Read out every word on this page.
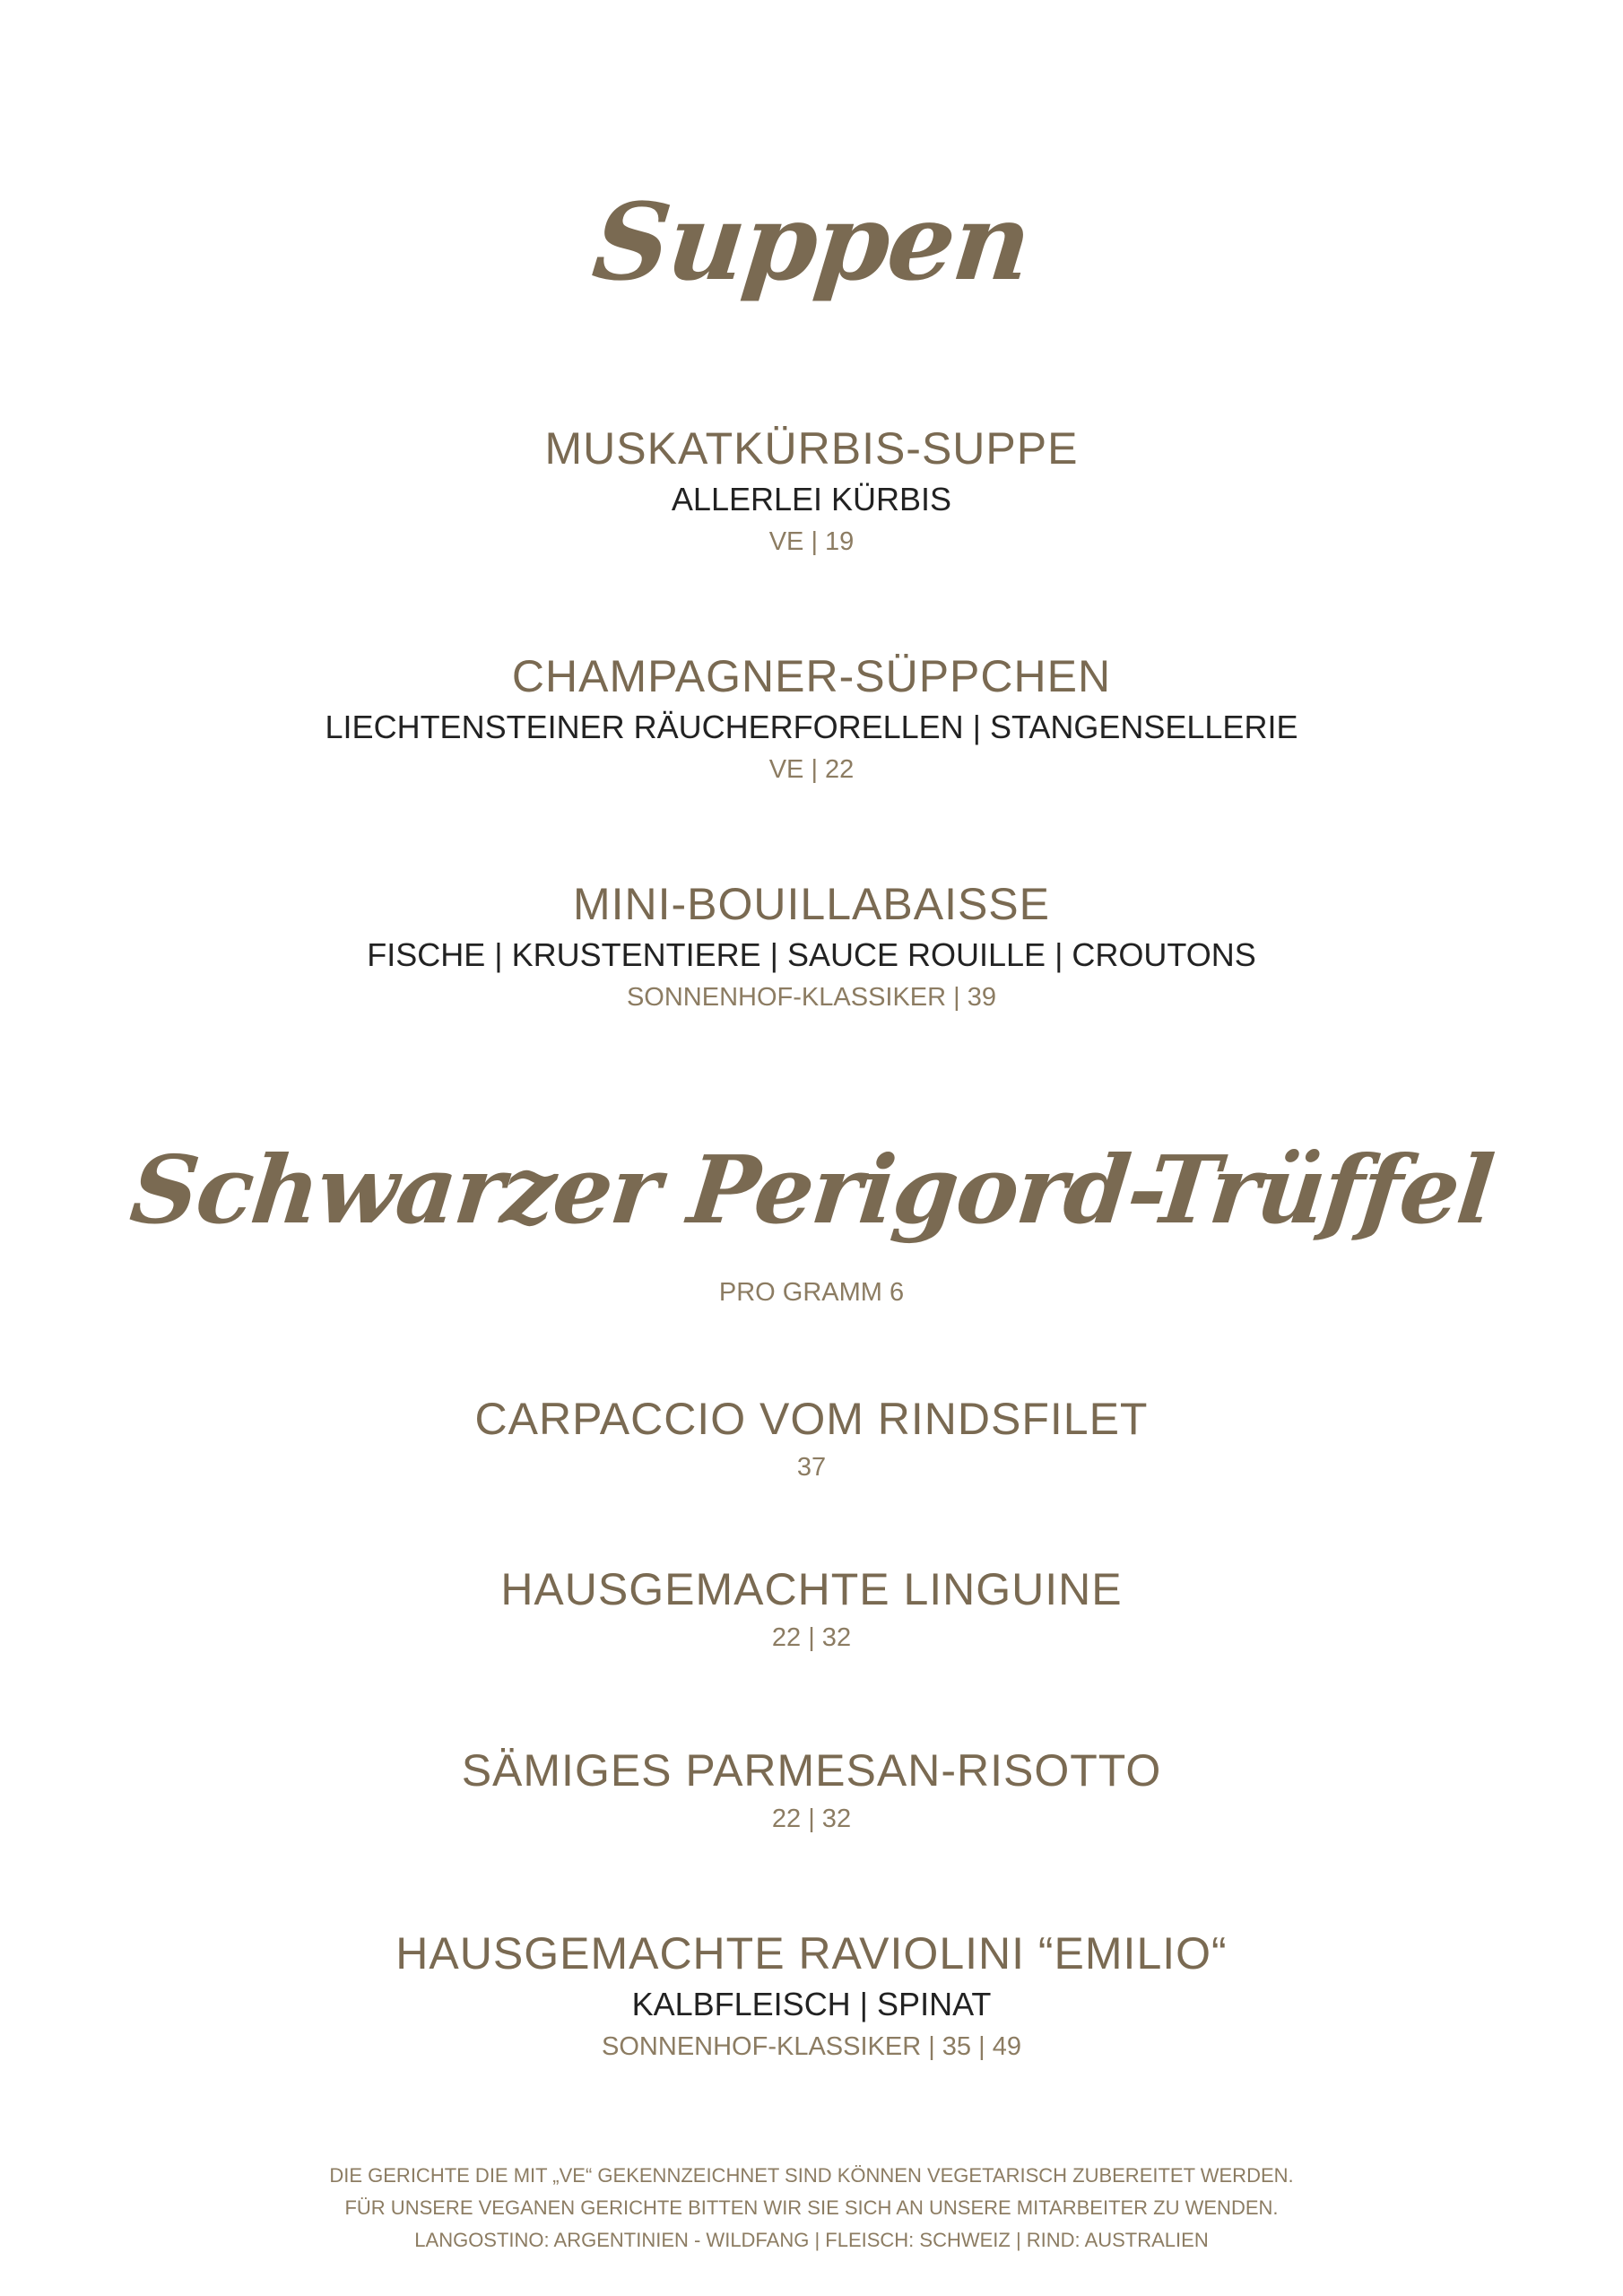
Suppen
MUSKATKÜRBIS-SUPPE
ALLERLEI KÜRBIS
VE | 19
CHAMPAGNER-SÜPPCHEN
LIECHTENSTEINER RÄUCHERFORELLEN | STANGENSELLERIE
VE | 22
MINI-BOUILLABAISSE
FISCHE | KRUSTENTIERE | SAUCE ROUILLE | CROUTONS
SONNENHOF-KLASSIKER | 39
Schwarzer Perigord-Trüffel
PRO GRAMM 6
CARPACCIO VOM RINDSFILET
37
HAUSGEMACHTE LINGUINE
22 | 32
SÄMIGES PARMESAN-RISOTTO
22 | 32
HAUSGEMACHTE RAVIOLINI “EMILIO“
KALBFLEISCH | SPINAT
SONNENHOF-KLASSIKER | 35 | 49
DIE GERICHTE DIE MIT „VE“ GEKENNZEICHNET SIND KÖNNEN VEGETARISCH ZUBEREITET WERDEN.
FÜR UNSERE VEGANEN GERICHTE BITTEN WIR SIE SICH AN UNSERE MITARBEITER ZU WENDEN.
LANGOSTINO: ARGENTINIEN - WILDFANG | FLEISCH: SCHWEIZ | RIND: AUSTRALIEN
